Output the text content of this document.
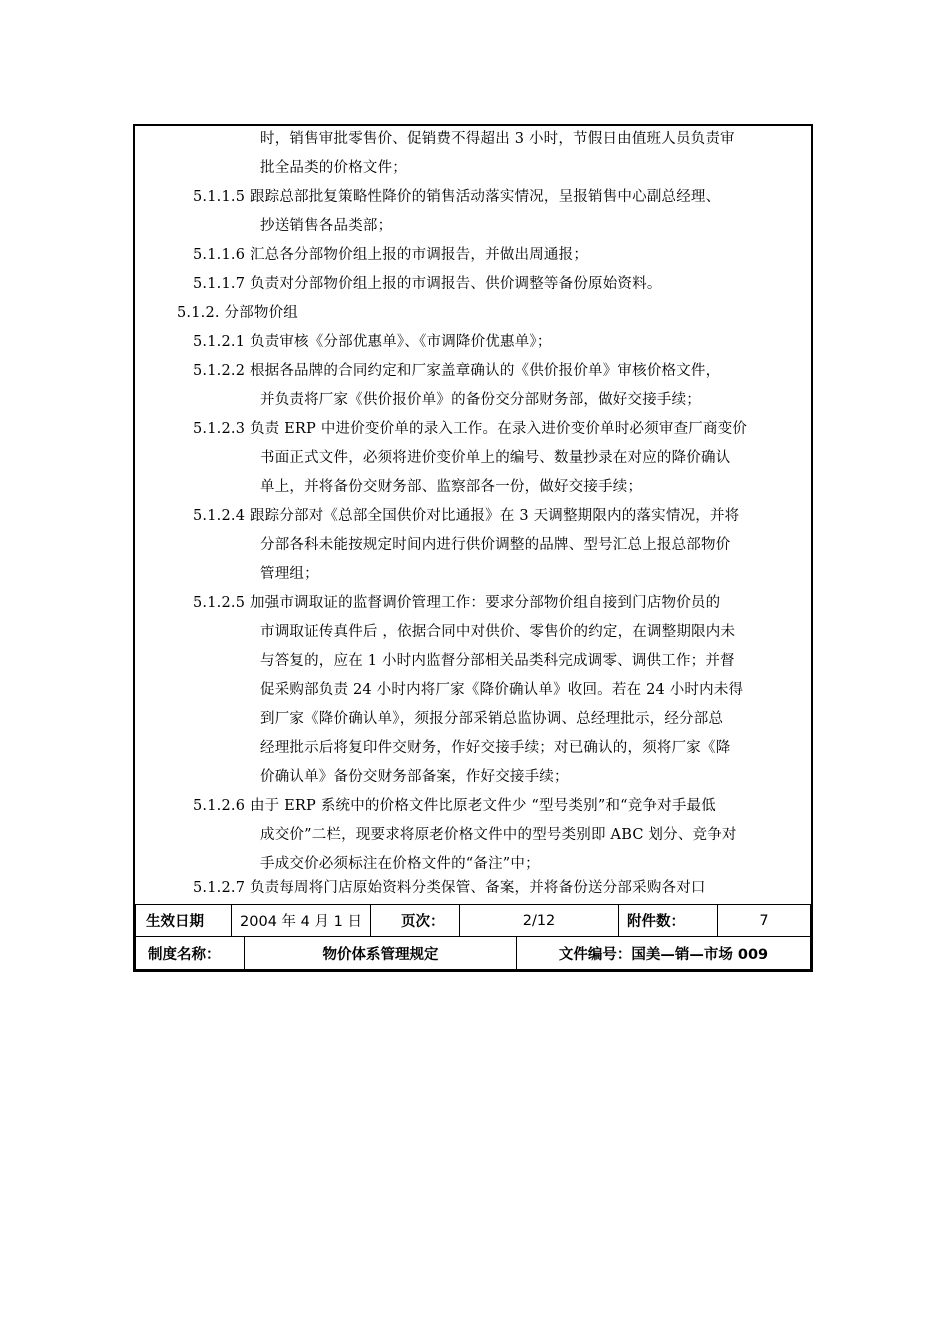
时，销售审批零售价、促销费不得超出 3 小时，节假日由值班人员负责审
批全品类的价格文件；
5.1.1.5 跟踪总部批复策略性降价的销售活动落实情况，呈报销售中心副总经理、
抄送销售各品类部；
5.1.1.6 汇总各分部物价组上报的市调报告，并做出周通报；
5.1.1.7 负责对分部物价组上报的市调报告、供价调整等备份原始资料。
5.1.2. 分部物价组
5.1.2.1 负责审核《分部优惠单》、《市调降价优惠单》；
5.1.2.2 根据各品牌的合同约定和厂家盖章确认的《供价报价单》审核价格文件，
并负责将厂家《供价报价单》的备份交分部财务部，做好交接手续；
5.1.2.3 负责 ERP 中进价变价单的录入工作。在录入进价变价单时必须审查厂商变价
书面正式文件，必须将进价变价单上的编号、数量抄录在对应的降价确认
单上，并将备份交财务部、监察部各一份，做好交接手续；
5.1.2.4 跟踪分部对《总部全国供价对比通报》在 3 天调整期限内的落实情况，并将
分部各科未能按规定时间内进行供价调整的品牌、型号汇总上报总部物价
管理组；
5.1.2.5 加强市调取证的监督调价管理工作：要求分部物价组自接到门店物价员的
市调取证传真件后 ，依据合同中对供价、零售价的约定，在调整期限内未
与答复的，应在 1 小时内监督分部相关品类科完成调零、调供工作；并督
促采购部负责 24 小时内将厂家《降价确认单》收回。若在 24 小时内未得
到厂家《降价确认单》，须报分部采销总监协调、总经理批示，经分部总
经理批示后将复印件交财务，作好交接手续；对已确认的，须将厂家《降
价确认单》备份交财务部备案，作好交接手续；
5.1.2.6 由于 ERP 系统中的价格文件比原老文件少 “型号类别”和“竞争对手最低
成交价”二栏，现要求将原老价格文件中的型号类别即 ABC 划分、竞争对
手成交价必须标注在价格文件的“备注”中；
5.1.2.7 负责每周将门店原始资料分类保管、备案，并将备份送分部采购各对口
生效日期	2004 年 4 月 1 日	页次：	2/12	附件数：	7
制度名称：	物价体系管理规定	文件编号：国美—销—市场 009
